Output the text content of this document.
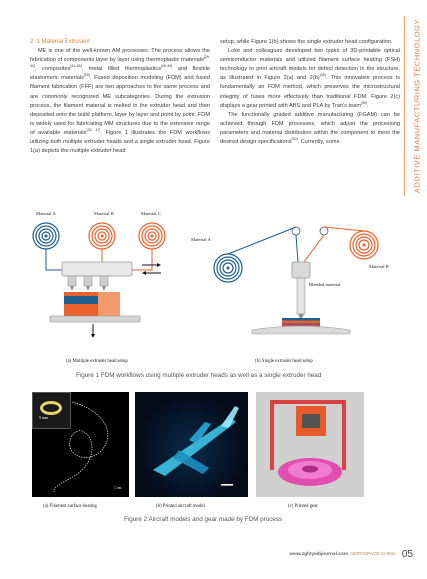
ADDITIVE MANUFACTURING TECHNOLOGY

2. 1 Material Extrusion

ME is one of the well-known AM processes. The process allows the fabrication of components layer by layer using thermoplastic materials[29-40], composites[41-45], metal filled thermoplastics[46-49] and flexible elastomeric materials[50]. Fused deposition modeling (FDM) and fused filament fabrication (FFF) are two approaches to the same process and are commonly recognized ME subcategories. During the extrusion process, the filament material is melted in the extruder head and then deposited onto the build platform, layer by layer and point by point. FDM is widely used for fabricating MM structures due to the extensive range of available materials[23, 47]. Figure 1 illustrates the FDM workflows utilizing both multiple extruder heads and a single extruder head. Figure 1(a) depicts the multiple extruder head

setup, while Figure 1(b) shows the single extruder head configuration.

Loke and colleagues developed two types of 3D-printable optical semiconductor materials and utilized filament surface heating (FSH) technology to print aircraft models for defect detection in the structure, as illustrated in Figure 2(a) and 2(b)[48]. This innovative process is fundamentally an FDM method, which preserves the microstructural integrity of fuses more effectively than traditional FDM. Figure 2(c) displays a gear printed with ABS and PLA by Tran's team[49].

The functionally graded additive manufacturing (FGAM) can be achieved through FDM processes, which adjust the processing parameters and material distribution within the component to meet the desired design specifications[50]. Currently, some

Material A	Material B	Material C
Material A
Material B
Blended material
(a) Multiple extruder head setup	(b) Single extruder head setup
Figure 1 FDM workflows using multiple extruder heads as well as a single extruder head
5 mm
1 cm
(a) Filament surface heating	(b) Printed aircraft model	(c) Printed gear
Figure 2 Aircraft models and gear made by FDM process
www.zghtywbjournal.com AEROSPACE CHINA 05
